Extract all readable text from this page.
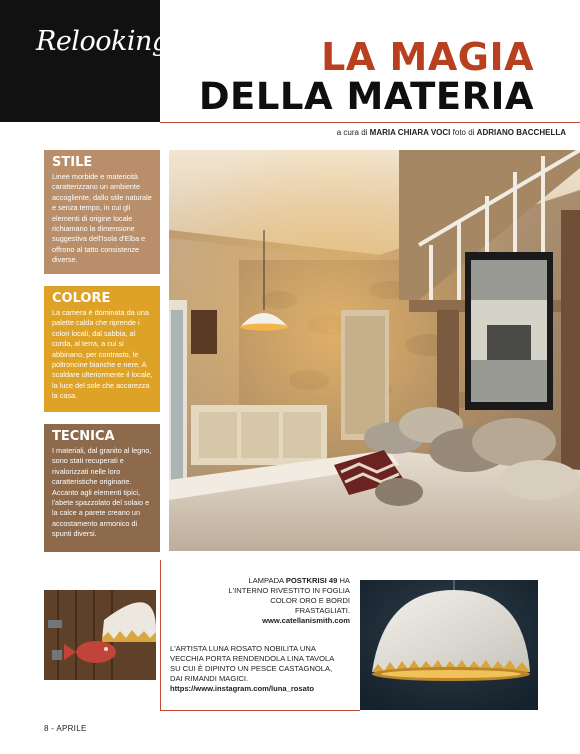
Relooking	LA MAGIA
DELLA MATERIA
a cura di MARIA CHIARA VOCI foto di ADRIANO BACCHELLA
STILE
Linee morbide e matericità caratterizzano un ambiente accogliente, dallo stile naturale e senza tempo, in cui gli elementi di origine locale richiamano la dimensione suggestiva dell'Isola d'Elba e offrono al tatto consistenze diverse.
COLORE
La camera è dominata da una palette calda che riprende i colori locali, dal sabbia, al corda, al terra, a cui si abbinano, per contrasto, le poltroncine bianche e nere. A scaldare ulteriormente il locale, la luce del sole che accarezza la casa.
TECNICA
I materiali, dal granito al legno, sono stati recuperati e rivalorizzati nelle loro caratteristiche originarie. Accanto agli elementi tipici, l'abete spazzolato del solaio e la calce a parete creano un accostamento armonico di spunti diversi.
LAMPADA POSTKRISI 49 HA L'INTERNO RIVESTITO IN FOGLIA COLOR ORO E BORDI FRASTAGLIATI.
www.catellanismith.com
L'ARTISTA LUNA ROSATO NOBILITA UNA VECCHIA PORTA RENDENDOLA LINA TAVOLA SU CUI È DIPINTO UN PESCE CASTAGNOLA, DAI RIMANDI MAGICI.
https://www.instagram.com/luna_rosato
8 - APRILE
